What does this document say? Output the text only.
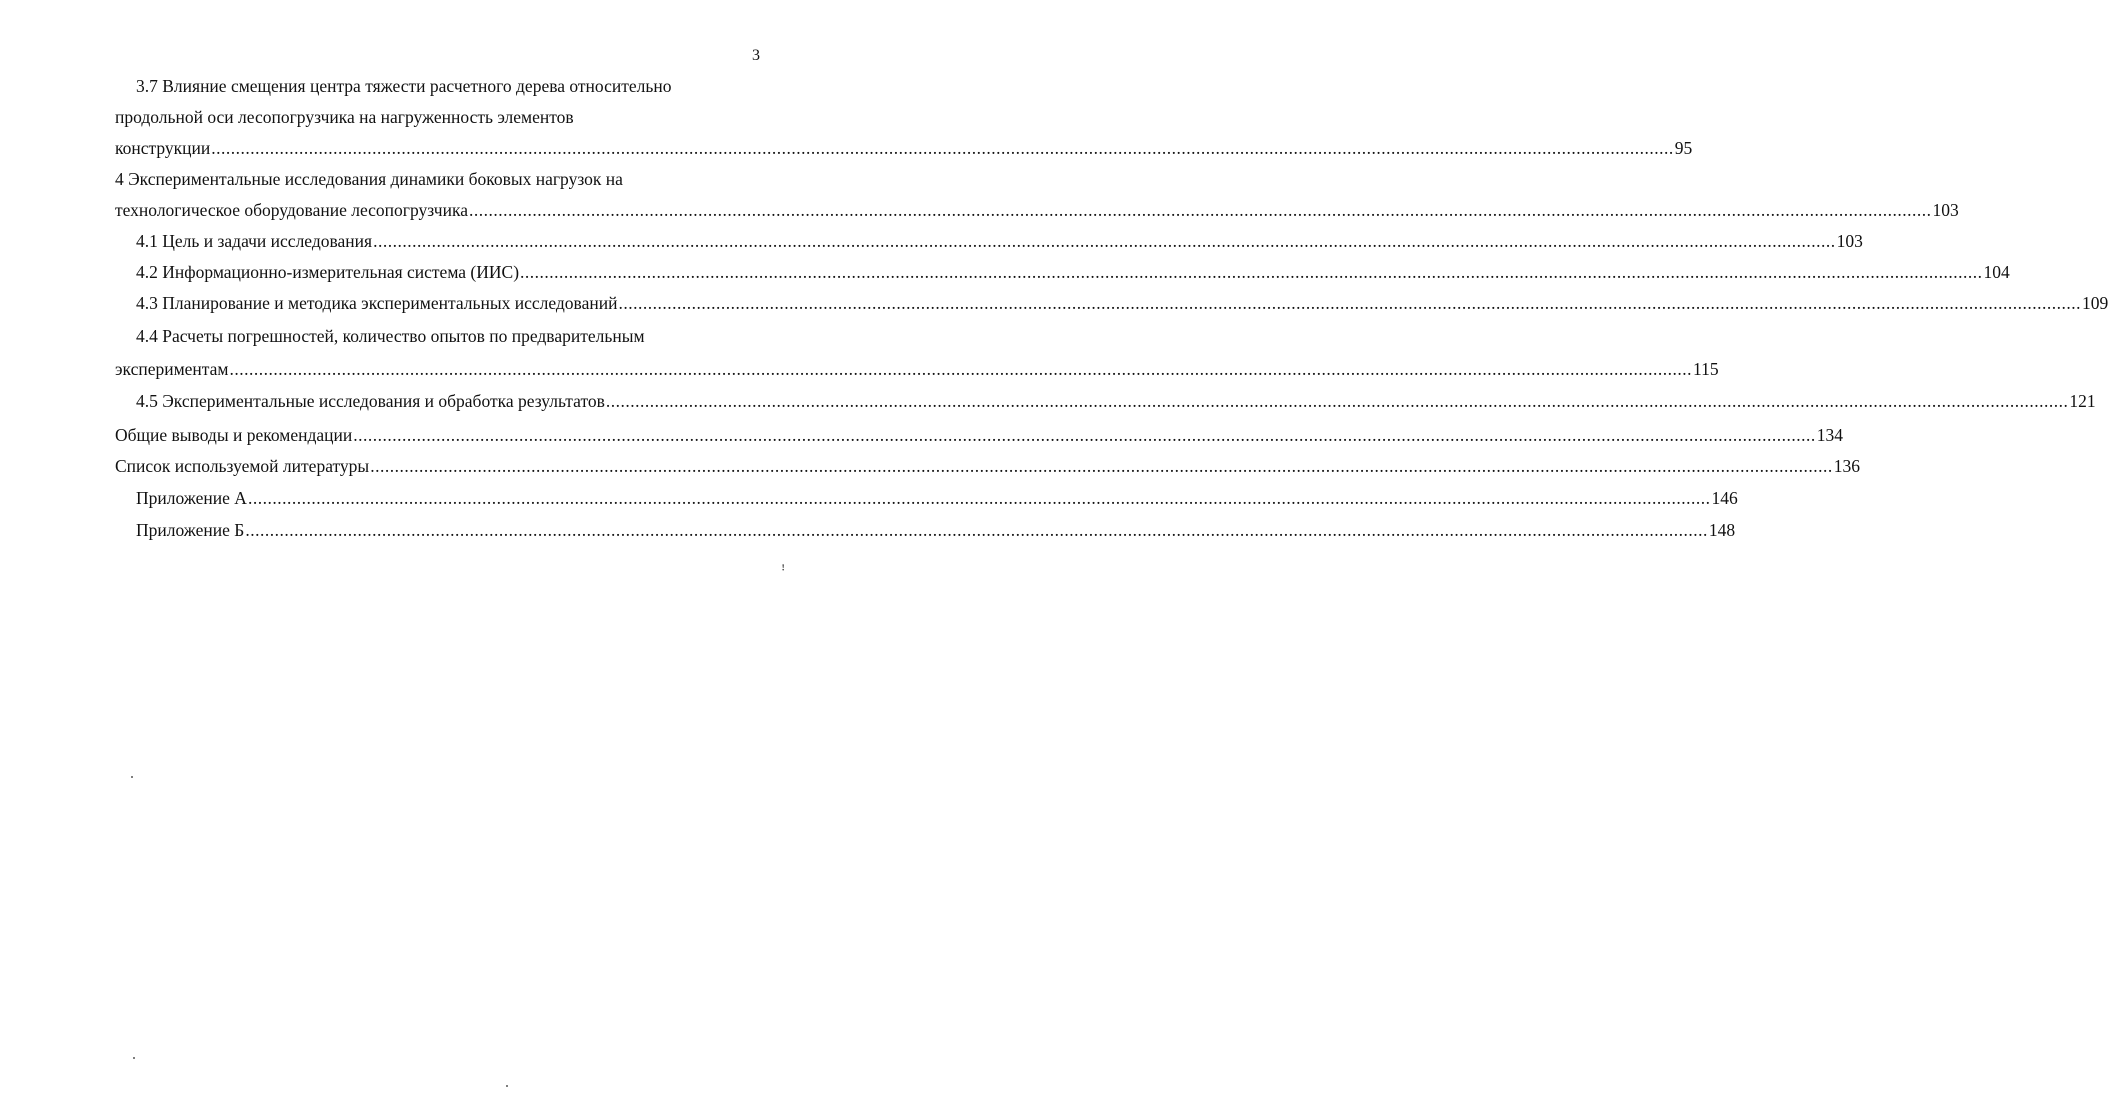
3
3.7 Влияние смещения центра тяжести расчетного дерева относительно
продольной оси лесопогрузчика на нагруженность элементов
конструкции ............................................................................................................................................................................................................................................................................................................ 95
4 Экспериментальные исследования динамики боковых нагрузок на
технологическое оборудование лесопогрузчика ............................................................................................................................................................................................................................................................................................................ 103
4.1 Цель и задачи исследования ............................................................................................................................................................................................................................................................................................................ 103
4.2 Информационно-измерительная система (ИИС) ............................................................................................................................................................................................................................................................................................................ 104
4.3 Планирование и методика экспериментальных исследований ............................................................................................................................................................................................................................................................................................................ 109
4.4 Расчеты погрешностей, количество опытов по предварительным
экспериментам ............................................................................................................................................................................................................................................................................................................ 115
4.5 Экспериментальные исследования и обработка результатов ............................................................................................................................................................................................................................................................................................................ 121
Общие выводы и рекомендации ............................................................................................................................................................................................................................................................................................................ 134
Список используемой литературы ............................................................................................................................................................................................................................................................................................................ 136
Приложение А ............................................................................................................................................................................................................................................................................................................ 146
Приложение Б ............................................................................................................................................................................................................................................................................................................ 148
ꜝ
